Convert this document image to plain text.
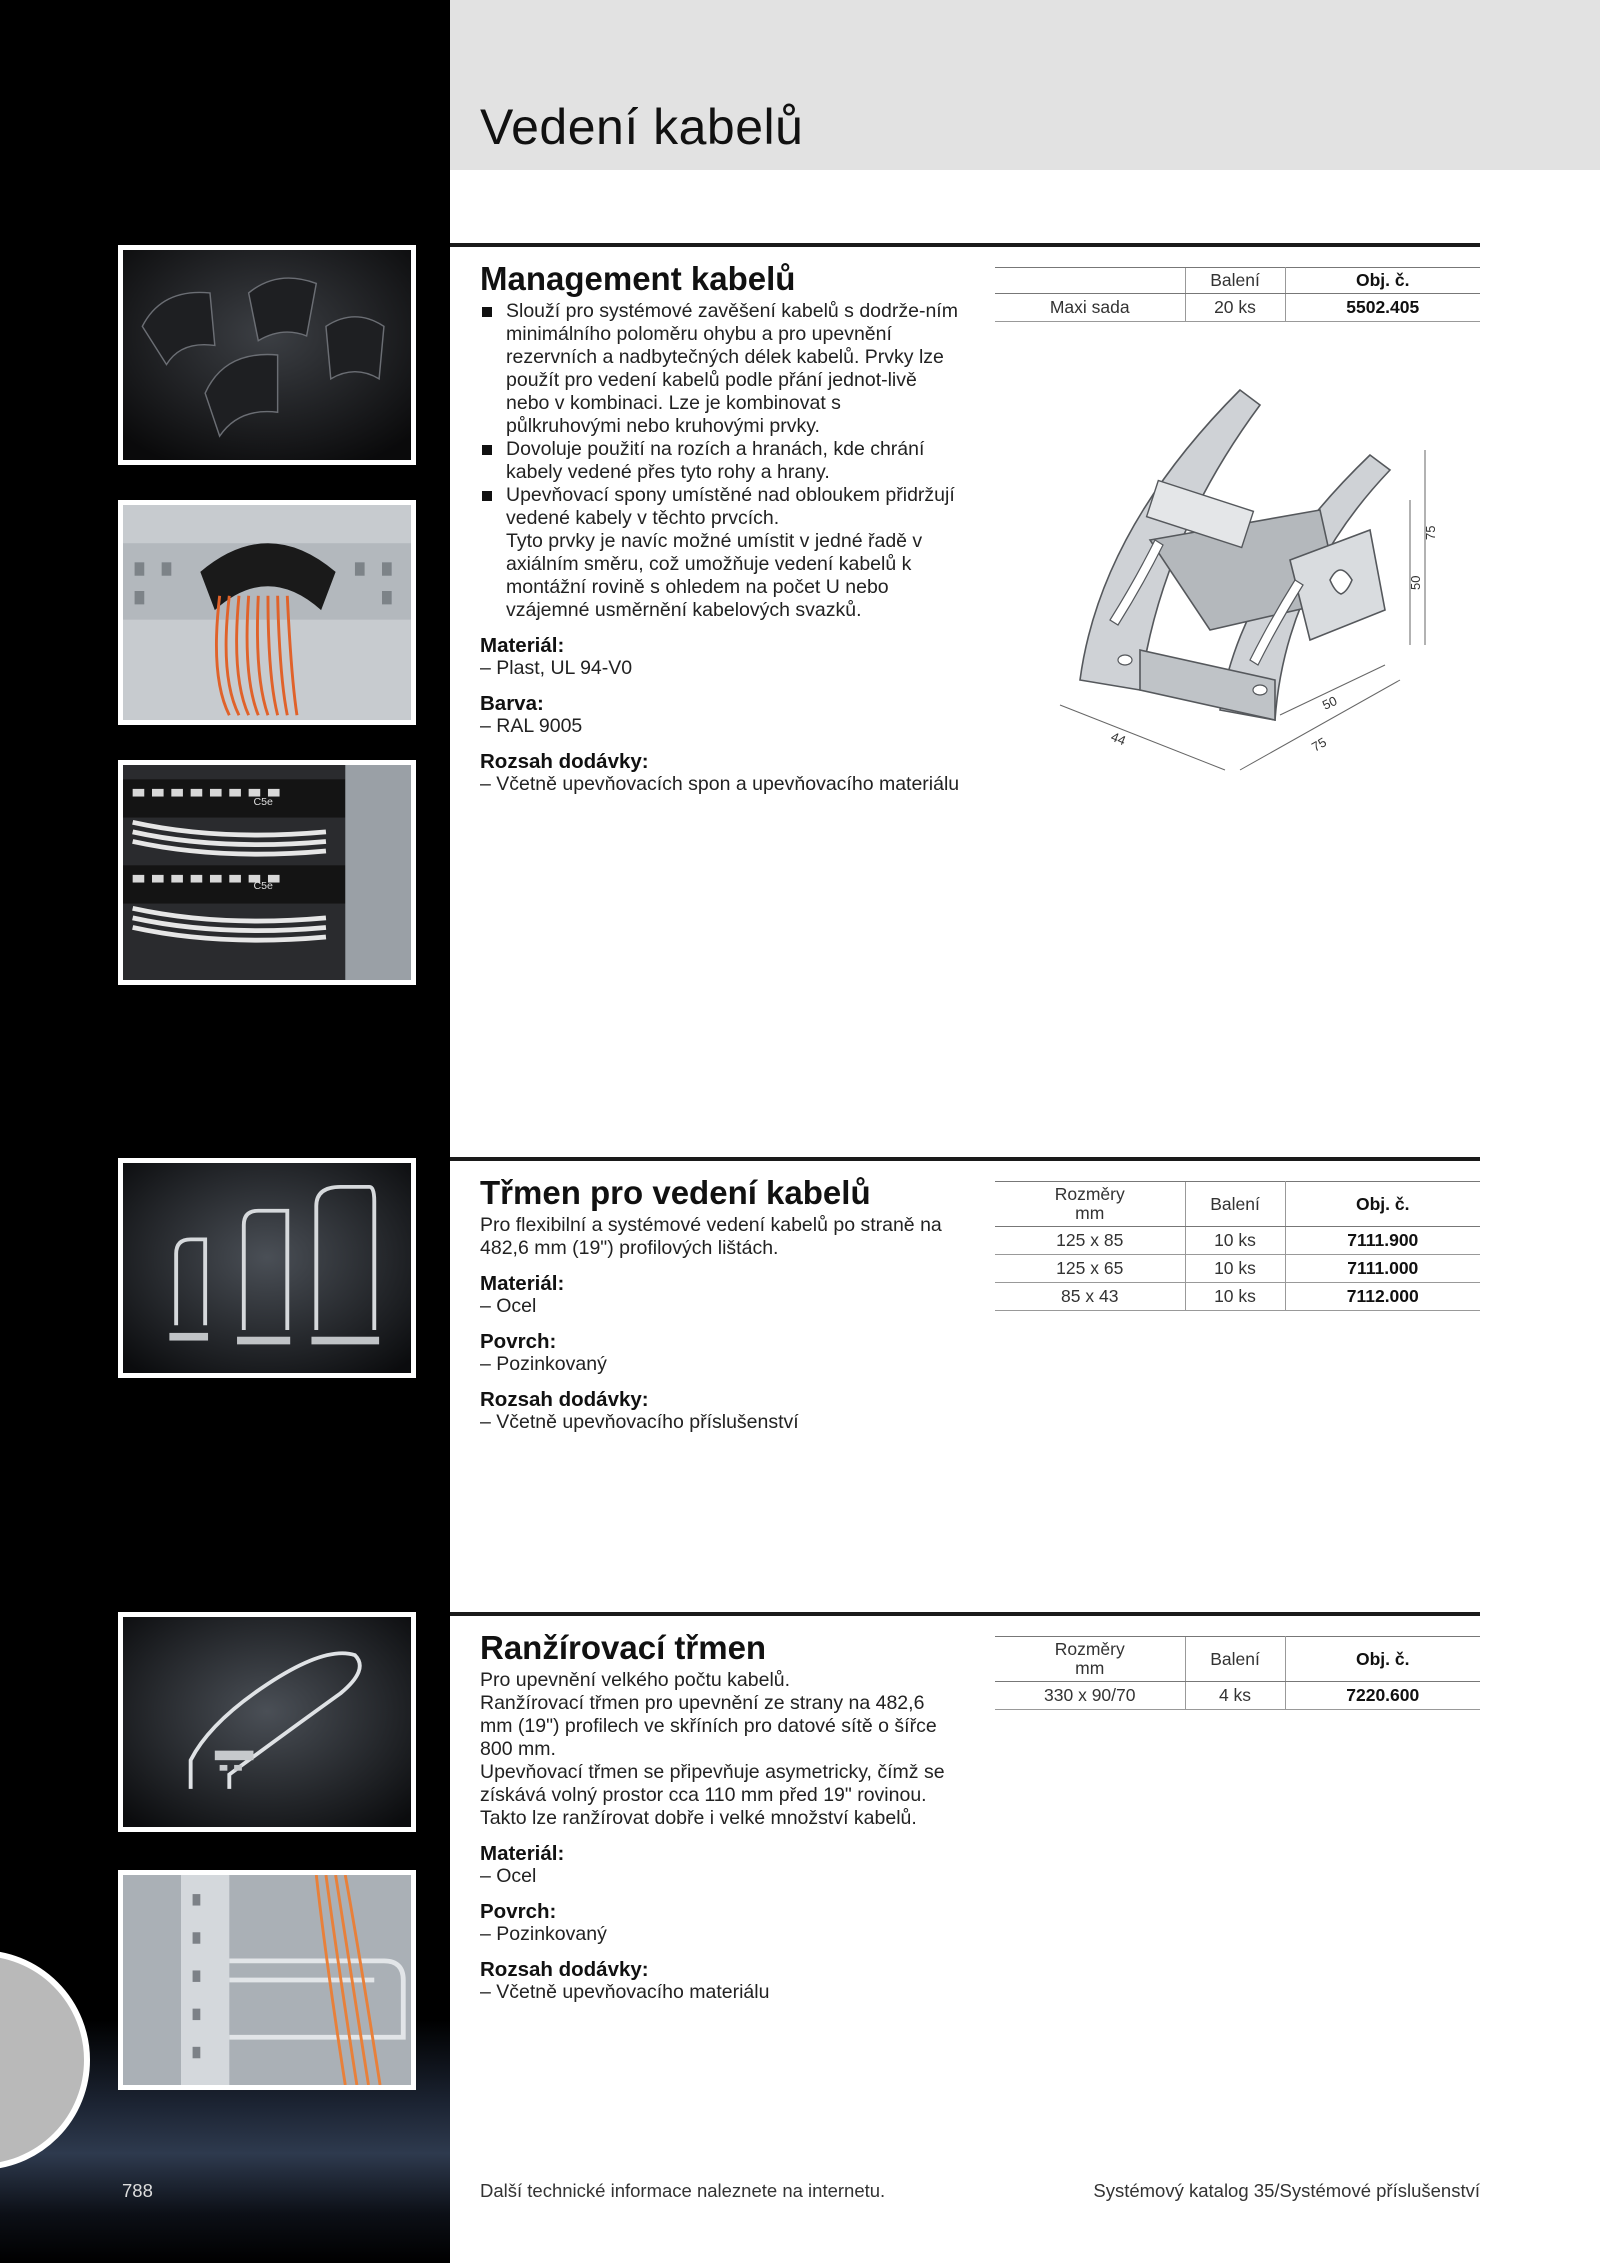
Vedení kabelů
C5e
C5e
Management kabelů
Slouží pro systémové zavěšení kabelů s dodrže-ním minimálního poloměru ohybu a pro upevnění rezervních a nadbytečných délek kabelů. Prvky lze použít pro vedení kabelů podle přání jednot-livě nebo v kombinaci. Lze je kombinovat s půlkruhovými nebo kruhovými prvky.
Dovoluje použití na rozích a hranách, kde chrání kabely vedené přes tyto rohy a hrany.
Upevňovací spony umístěné nad obloukem přidržují vedené kabely v těchto prvcích.

Tyto prvky je navíc možné umístit v jedné řadě v axiálním směru, což umožňuje vedení kabelů k montážní rovině s ohledem na počet U nebo vzájemné usměrnění kabelových svazků.

Materiál:

– Plast, UL 94-V0

Barva:

– RAL 9005

Rozsah dodávky:

– Včetně upevňovacích spon a upevňovacího materiálu

	Balení	Obj. č.
Maxi sada	20 ks	5502.405
75
50
50
75
44
Třmen pro vedení kabelů

Pro flexibilní a systémové vedení kabelů po straně na 482,6 mm (19") profilových lištách.

Materiál:

– Ocel

Povrch:

– Pozinkovaný

Rozsah dodávky:

– Včetně upevňovacího příslušenství

Rozměry
mm	Balení	Obj. č.
125 x 85	10 ks	7111.900
125 x 65	10 ks	7111.000
85 x 43	10 ks	7112.000
Ranžírovací třmen

Pro upevnění velkého počtu kabelů.

Ranžírovací třmen pro upevnění ze strany na 482,6 mm (19") profilech ve skříních pro datové sítě o šířce 800 mm.

Upevňovací třmen se připevňuje asymetricky, čímž se získává volný prostor cca 110 mm před 19" rovinou. Takto lze ranžírovat dobře i velké množství kabelů.

Materiál:

– Ocel

Povrch:

– Pozinkovaný

Rozsah dodávky:

– Včetně upevňovacího materiálu

Rozměry
mm	Balení	Obj. č.
330 x 90/70	4 ks	7220.600
788	Další technické informace naleznete na internetu.	Systémový katalog 35/Systémové příslušenství
